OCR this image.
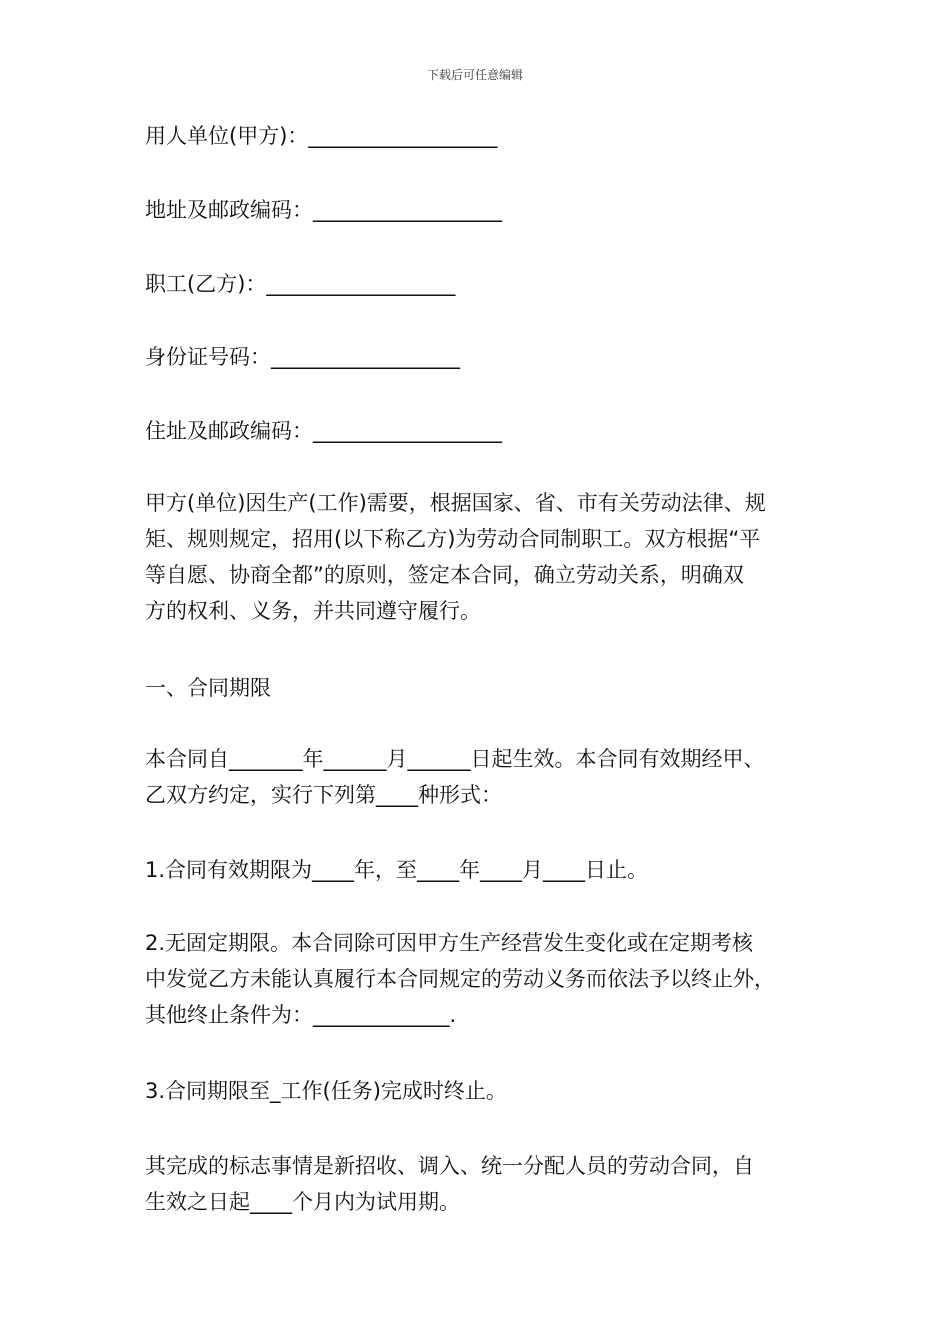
下载后可任意编辑
用人单位(甲方)：__________________
地址及邮政编码：__________________
职工(乙方)：__________________
身份证号码：__________________
住址及邮政编码：__________________
甲方(单位)因生产(工作)需要，根据国家、省、市有关劳动法律、规
矩、规则规定，招用(以下称乙方)为劳动合同制职工。双方根据“平
等自愿、协商全都”的原则，签定本合同，确立劳动关系，明确双
方的权利、义务，并共同遵守履行。
一、合同期限
本合同自_______年______月______日起生效。本合同有效期经甲、
乙双方约定，实行下列第____种形式：
1.合同有效期限为____年，至____年____月____日止。
2.无固定期限。本合同除可因甲方生产经营发生变化或在定期考核
中发觉乙方未能认真履行本合同规定的劳动义务而依法予以终止外，
其他终止条件为：_____________.
3.合同期限至_工作(任务)完成时终止。
其完成的标志事情是新招收、调入、统一分配人员的劳动合同，自
生效之日起____个月内为试用期。
